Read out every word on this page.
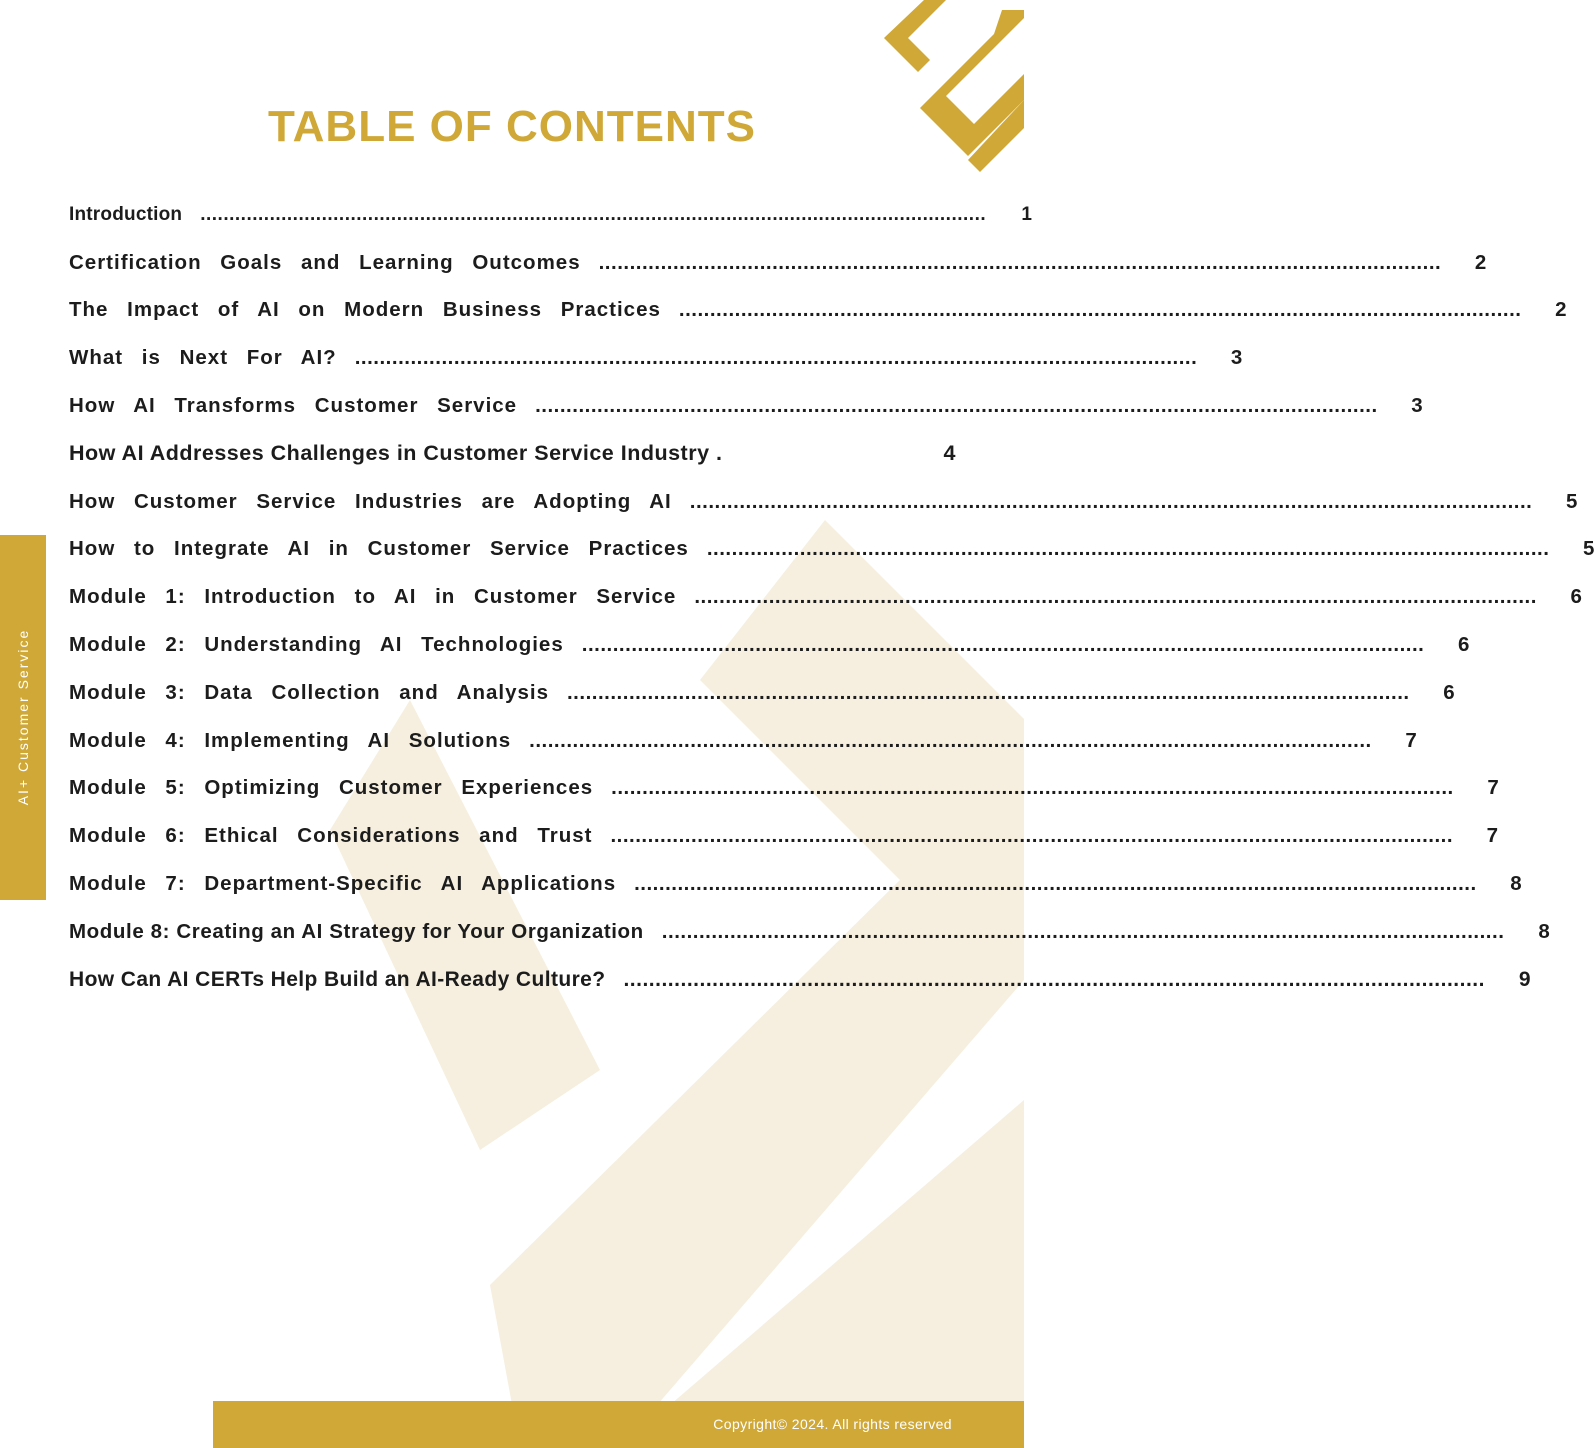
TABLE OF CONTENTS
AI+ Customer Service
Introduction ........................................................................................................................................	1
Certification Goals and Learning Outcomes ........................................................................................................................................	2
The Impact of AI on Modern Business Practices ........................................................................................................................................	2
What is Next For AI? ........................................................................................................................................	3
How AI Transforms Customer Service ........................................................................................................................................	3
How AI Addresses Challenges in Customer Service Industry .	4
How Customer Service Industries are Adopting AI ........................................................................................................................................	5
How to Integrate AI in Customer Service Practices ........................................................................................................................................	5
Module 1: Introduction to AI in Customer Service ........................................................................................................................................	6
Module 2: Understanding AI Technologies ........................................................................................................................................	6
Module 3: Data Collection and Analysis ........................................................................................................................................	6
Module 4: Implementing AI Solutions ........................................................................................................................................	7
Module 5: Optimizing Customer Experiences ........................................................................................................................................	7
Module 6: Ethical Considerations and Trust ........................................................................................................................................	7
Module 7: Department-Specific AI Applications ........................................................................................................................................	8
Module 8: Creating an AI Strategy for Your Organization ........................................................................................................................................	8
How Can AI CERTs Help Build an AI-Ready Culture? ........................................................................................................................................	9
Copyright© 2024. All rights reserved
